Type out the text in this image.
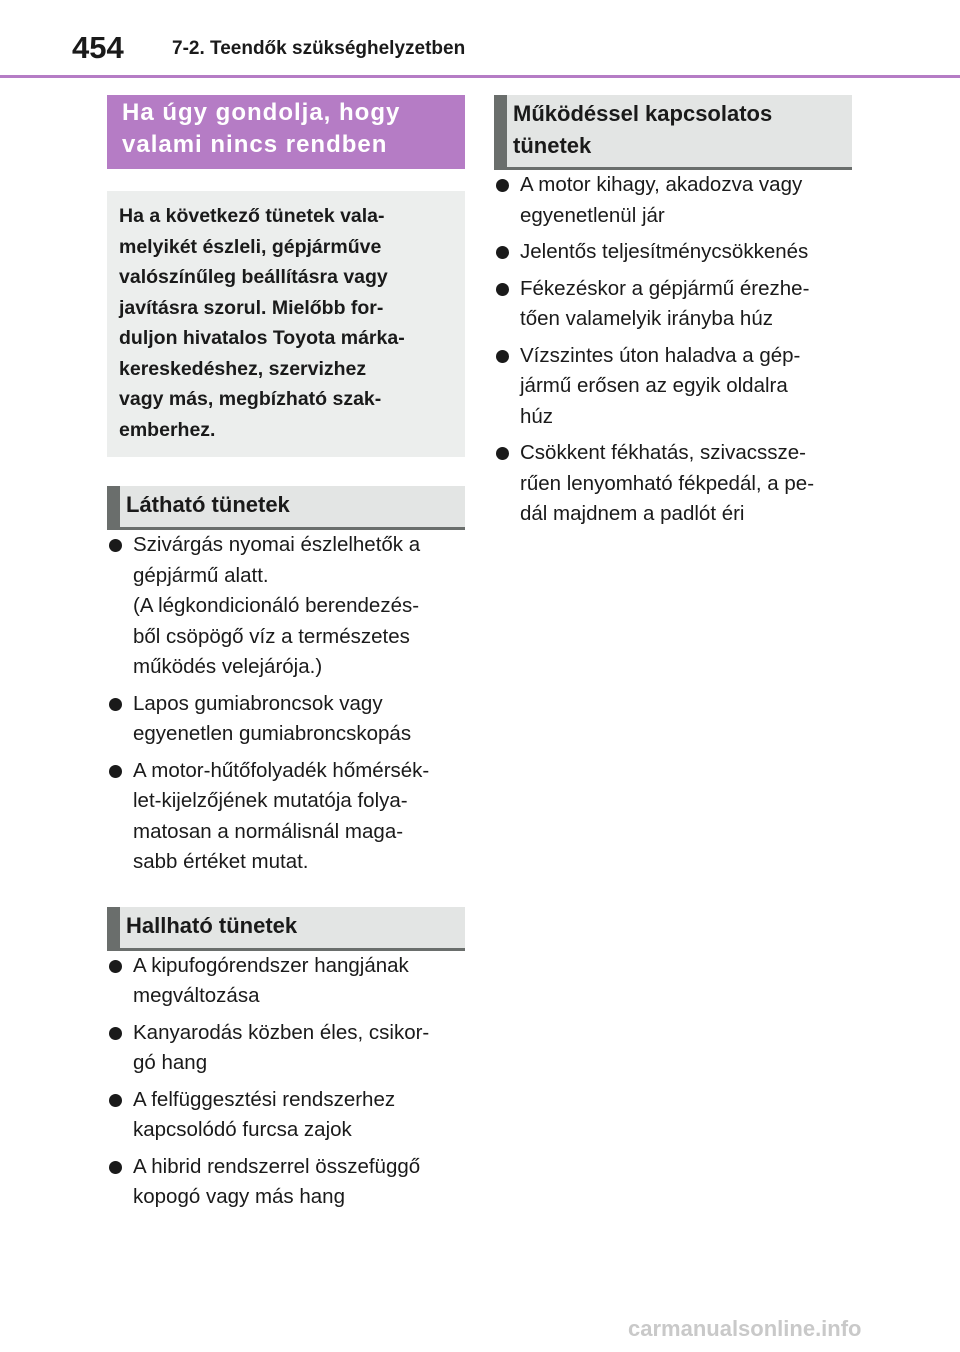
454	7-2. Teendők szükséghelyzetben
Ha úgy gondolja, hogy
valami nincs rendben
Ha a következő tünetek vala-
melyikét észleli, gépjárműve
valószínűleg beállításra vagy
javításra szorul. Mielőbb for-
duljon hivatalos Toyota márka-
kereskedéshez, szervizhez
vagy más, megbízható szak-
emberhez.
Látható tünetek
Szivárgás nyomai észlelhetők a
gépjármű alatt.
(A légkondicionáló berendezés-
ből csöpögő víz a természetes
működés velejárója.)
Lapos gumiabroncsok vagy
egyenetlen gumiabroncskopás
A motor-hűtőfolyadék hőmérsék-
let-kijelzőjének mutatója folya-
matosan a normálisnál maga-
sabb értéket mutat.
Hallható tünetek
A kipufogórendszer hangjának
megváltozása
Kanyarodás közben éles, csikor-
gó hang
A felfüggesztési rendszerhez
kapcsolódó furcsa zajok
A hibrid rendszerrel összefüggő
kopogó vagy más hang
Működéssel kapcsolatos
tünetek
A motor kihagy, akadozva vagy
egyenetlenül jár
Jelentős teljesítménycsökkenés
Fékezéskor a gépjármű érezhe-
tően valamelyik irányba húz
Vízszintes úton haladva a gép-
jármű erősen az egyik oldalra
húz
Csökkent fékhatás, szivacssze-
rűen lenyomható fékpedál, a pe-
dál majdnem a padlót éri
carmanualsonline.info
